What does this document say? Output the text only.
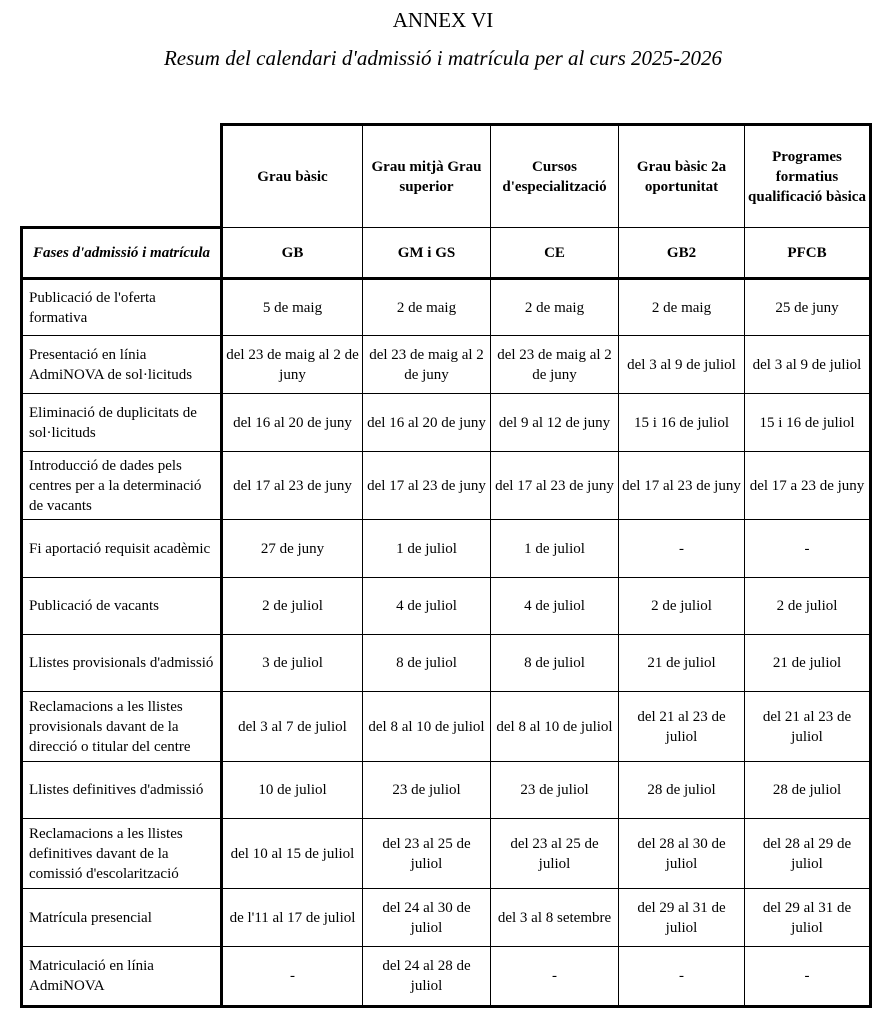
ANNEX VI
Resum del calendari d'admissió i matrícula per al curs 2025-2026
	Grau bàsic	Grau mitjà Grau superior	Cursos d'especialització	Grau bàsic 2a oportunitat	Programes formatius qualificació bàsica
Fases d'admissió i matrícula	GB	GM i GS	CE	GB2	PFCB
Publicació de l'oferta formativa	5 de maig	2 de maig	2 de maig	2 de maig	25 de juny
Presentació en línia AdmiNOVA de sol·licituds	del 23 de maig al 2 de juny	del 23 de maig al 2 de juny	del 23 de maig al 2 de juny	del 3 al 9 de juliol	del 3 al 9 de juliol
Eliminació de duplicitats de sol·licituds	del 16 al 20 de juny	del 16 al 20 de juny	del 9 al 12 de juny	15 i 16 de juliol	15 i 16 de juliol
Introducció de dades pels centres per a la determinació de vacants	del 17 al 23 de juny	del 17 al 23 de juny	del 17 al 23 de juny	del 17 al 23 de juny	del 17 a 23 de juny
Fi aportació requisit acadèmic	27 de juny	1 de juliol	1 de juliol	-	-
Publicació de vacants	2 de juliol	4 de juliol	4 de juliol	2 de juliol	2 de juliol
Llistes provisionals d'admissió	3 de juliol	8 de juliol	8 de juliol	21 de juliol	21 de juliol
Reclamacions a les llistes provisionals davant de la direcció o titular del centre	del 3 al 7 de juliol	del 8 al 10 de juliol	del 8 al 10 de juliol	del 21 al 23 de juliol	del 21 al 23 de juliol
Llistes definitives d'admissió	10 de juliol	23 de juliol	23 de juliol	28 de juliol	28 de juliol
Reclamacions a les llistes definitives davant de la comissió d'escolarització	del 10 al 15 de juliol	del 23 al 25 de juliol	del 23 al 25 de juliol	del 28 al 30 de juliol	del 28 al 29 de juliol
Matrícula presencial	de l'11 al 17 de juliol	del 24 al 30 de juliol	del 3 al 8 setembre	del 29 al 31 de juliol	del 29 al 31 de juliol
Matriculació en línia AdmiNOVA	-	del 24 al 28 de juliol	-	-	-
